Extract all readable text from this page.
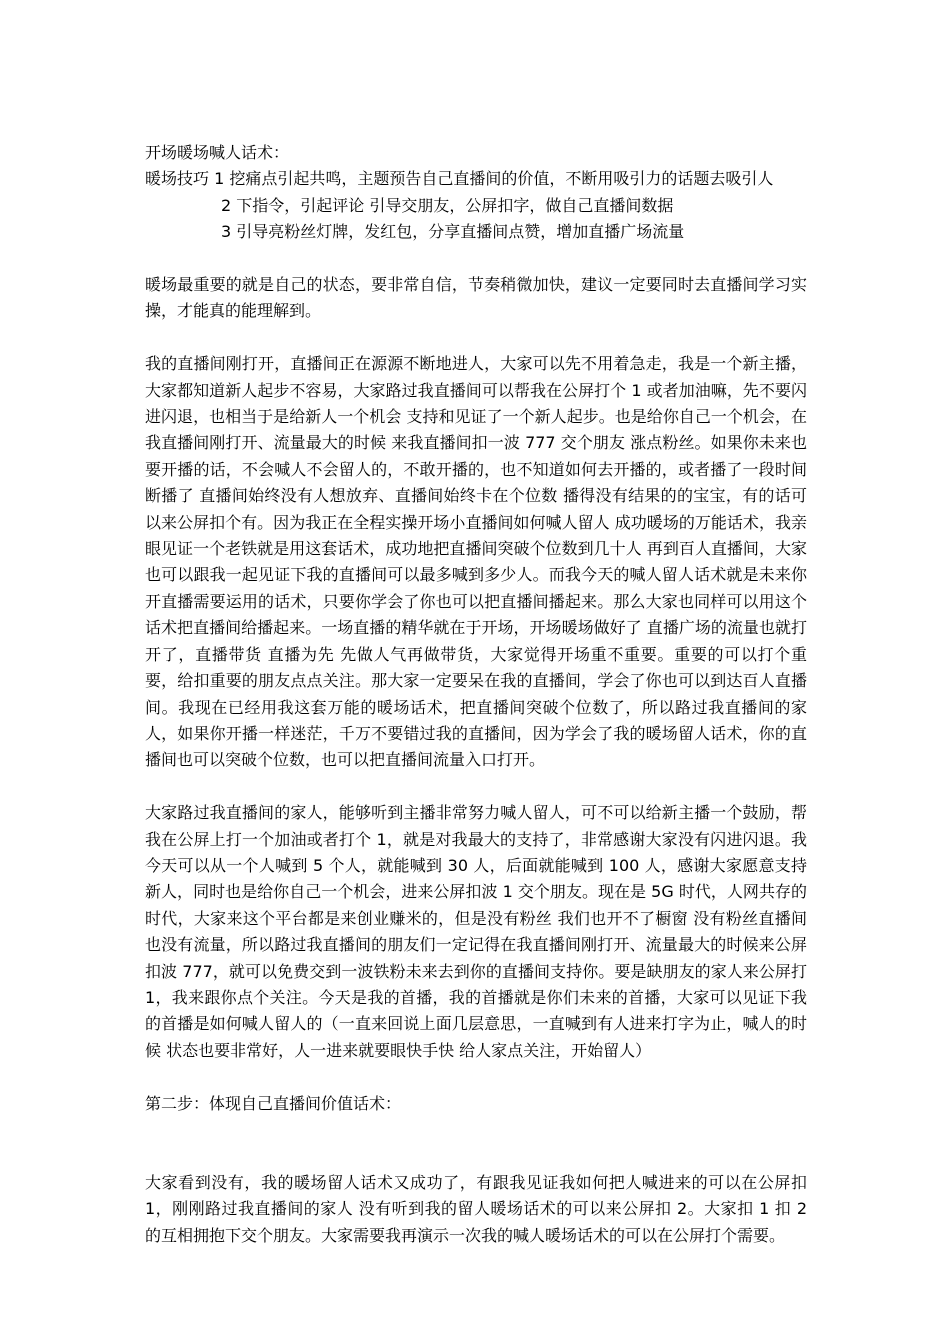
开场暖场喊人话术：
暖场技巧 1 挖痛点引起共鸣，主题预告自己直播间的价值，不断用吸引力的话题去吸引人
2 下指令，引起评论 引导交朋友，公屏扣字，做自己直播间数据
3 引导亮粉丝灯牌，发红包，分享直播间点赞，增加直播广场流量

暖场最重要的就是自己的状态，要非常自信，节奏稍微加快，建议一定要同时去直播间学习实操，才能真的能理解到。

我的直播间刚打开，直播间正在源源不断地进人，大家可以先不用着急走，我是一个新主播，大家都知道新人起步不容易，大家路过我直播间可以帮我在公屏打个 1 或者加油嘛，先不要闪进闪退，也相当于是给新人一个机会 支持和见证了一个新人起步。也是给你自己一个机会，在我直播间刚打开、流量最大的时候 来我直播间扣一波 777 交个朋友 涨点粉丝。如果你未来也要开播的话，不会喊人不会留人的，不敢开播的，也不知道如何去开播的，或者播了一段时间断播了 直播间始终没有人想放弃、直播间始终卡在个位数 播得没有结果的的宝宝，有的话可以来公屏扣个有。因为我正在全程实操开场小直播间如何喊人留人 成功暖场的万能话术，我亲眼见证一个老铁就是用这套话术，成功地把直播间突破个位数到几十人 再到百人直播间，大家也可以跟我一起见证下我的直播间可以最多喊到多少人。而我今天的喊人留人话术就是未来你开直播需要运用的话术，只要你学会了你也可以把直播间播起来。那么大家也同样可以用这个话术把直播间给播起来。一场直播的精华就在于开场，开场暖场做好了 直播广场的流量也就打开了，直播带货 直播为先 先做人气再做带货，大家觉得开场重不重要。重要的可以打个重要，给扣重要的朋友点点关注。那大家一定要呆在我的直播间，学会了你也可以到达百人直播间。我现在已经用我这套万能的暖场话术，把直播间突破个位数了，所以路过我直播间的家人，如果你开播一样迷茫，千万不要错过我的直播间，因为学会了我的暖场留人话术，你的直播间也可以突破个位数，也可以把直播间流量入口打开。

大家路过我直播间的家人，能够听到主播非常努力喊人留人，可不可以给新主播一个鼓励，帮我在公屏上打一个加油或者打个 1，就是对我最大的支持了，非常感谢大家没有闪进闪退。我今天可以从一个人喊到 5 个人，就能喊到 30 人，后面就能喊到 100 人，感谢大家愿意支持新人，同时也是给你自己一个机会，进来公屏扣波 1 交个朋友。现在是 5G 时代，人网共存的时代，大家来这个平台都是来创业赚米的，但是没有粉丝 我们也开不了橱窗 没有粉丝直播间也没有流量，所以路过我直播间的朋友们一定记得在我直播间刚打开、流量最大的时候来公屏扣波 777，就可以免费交到一波铁粉未来去到你的直播间支持你。要是缺朋友的家人来公屏打 1，我来跟你点个关注。今天是我的首播，我的首播就是你们未来的首播，大家可以见证下我的首播是如何喊人留人的（一直来回说上面几层意思，一直喊到有人进来打字为止，喊人的时候 状态也要非常好，人一进来就要眼快手快 给人家点关注，开始留人）

第二步：体现自己直播间价值话术：

大家看到没有，我的暖场留人话术又成功了，有跟我见证我如何把人喊进来的可以在公屏扣 1，刚刚路过我直播间的家人 没有听到我的留人暖场话术的可以来公屏扣 2。大家扣 1 扣 2 的互相拥抱下交个朋友。大家需要我再演示一次我的喊人暖场话术的可以在公屏打个需要。
